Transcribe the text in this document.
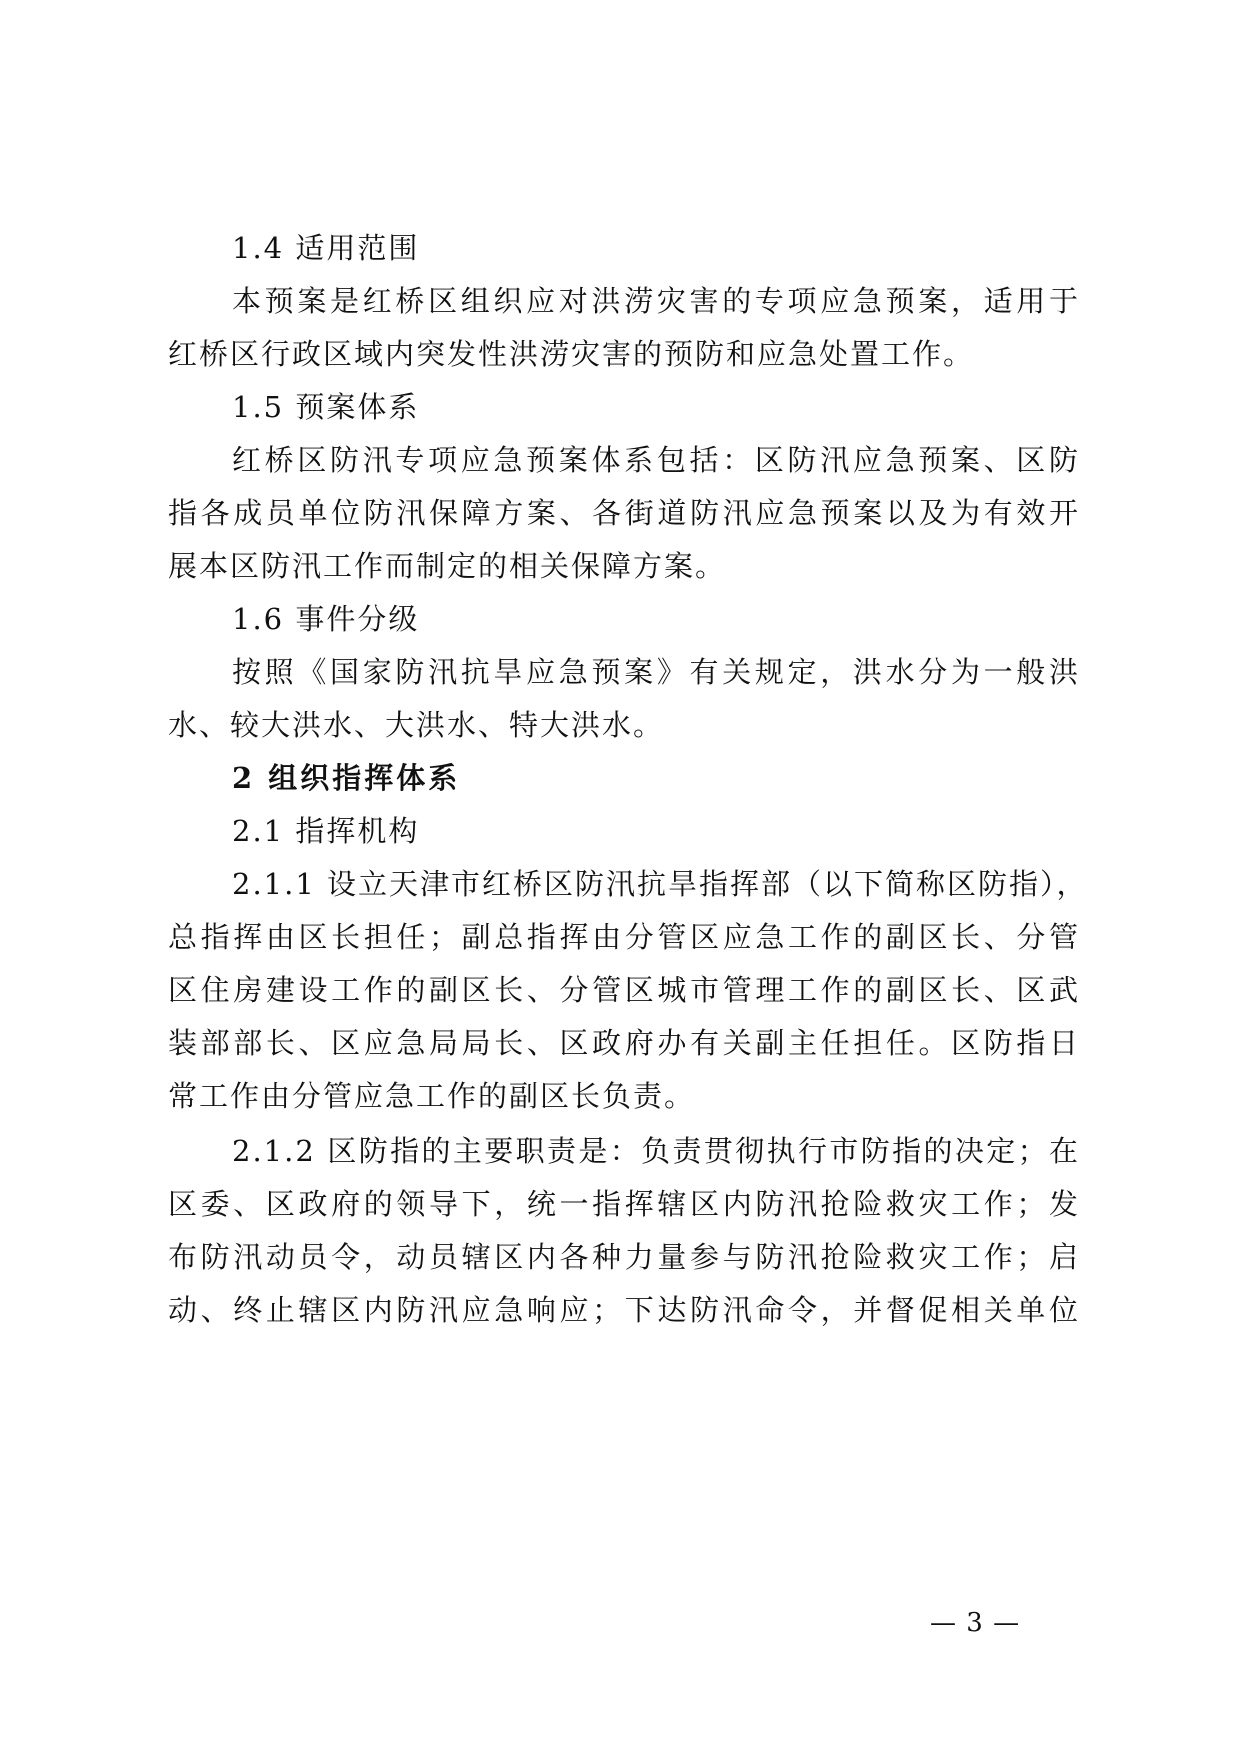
1.4 适用范围
本预案是红桥区组织应对洪涝灾害的专项应急预案，适用于
红桥区行政区域内突发性洪涝灾害的预防和应急处置工作。
1.5 预案体系
红桥区防汛专项应急预案体系包括：区防汛应急预案、区防
指各成员单位防汛保障方案、各街道防汛应急预案以及为有效开
展本区防汛工作而制定的相关保障方案。
1.6 事件分级
按照《国家防汛抗旱应急预案》有关规定，洪水分为一般洪
水、较大洪水、大洪水、特大洪水。
2 组织指挥体系
2.1 指挥机构
2.1.1 设立天津市红桥区防汛抗旱指挥部（以下简称区防指），
总指挥由区长担任；副总指挥由分管区应急工作的副区长、分管
区住房建设工作的副区长、分管区城市管理工作的副区长、区武
装部部长、区应急局局长、区政府办有关副主任担任。区防指日
常工作由分管应急工作的副区长负责。
2.1.2 区防指的主要职责是：负责贯彻执行市防指的决定；在
区委、区政府的领导下，统一指挥辖区内防汛抢险救灾工作；发
布防汛动员令，动员辖区内各种力量参与防汛抢险救灾工作；启
动、终止辖区内防汛应急响应；下达防汛命令，并督促相关单位
— 3 —
